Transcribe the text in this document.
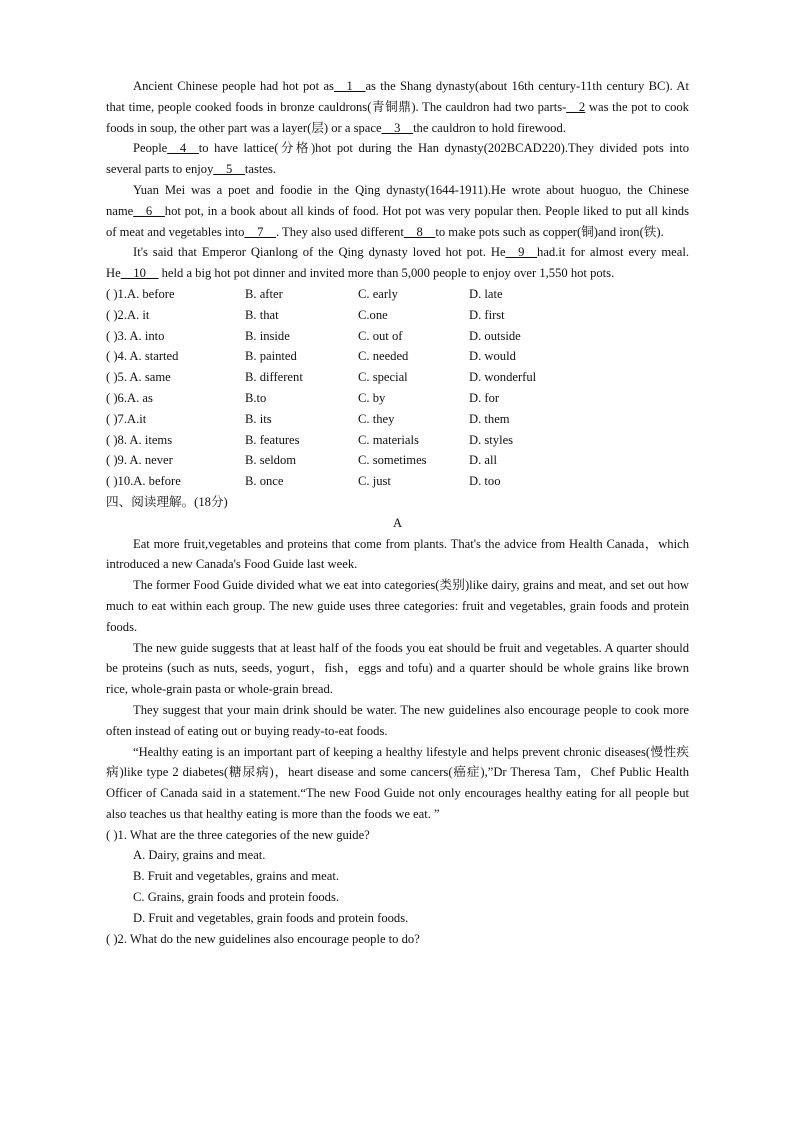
Ancient Chinese people had hot pot as__1__as the Shang dynasty(about 16th century-11th century BC). At that time, people cooked foods in bronze cauldrons(青铜鼎). The cauldron had two parts-__2 was the pot to cook foods in soup, the other part was a layer(层) or a space__3__the cauldron to hold firewood.

People__4__to have lattice(分格)hot pot during the Han dynasty(202BCAD220).They divided pots into several parts to enjoy__5__tastes.

Yuan Mei was a poet and foodie in the Qing dynasty(1644-1911).He wrote about huoguo, the Chinese name__6__hot pot, in a book about all kinds of food. Hot pot was very popular then. People liked to put all kinds of meat and vegetables into__7__. They also used different__8__to make pots such as copper(铜)and iron(铁).

It's said that Emperor Qianlong of the Qing dynasty loved hot pot. He__9__had.it for almost every meal. He__10__ held a big hot pot dinner and invited more than 5,000 people to enjoy over 1,550 hot pots.

( )1.A. before	B. after	C. early	D. late
( )2.A. it	B. that	C.one	D. first
( )3. A. into	B. inside	C. out of	D. outside
( )4. A. started	B. painted	C. needed	D. would
( )5. A. same	B. different	C. special	D. wonderful
( )6.A. as	B.to	C. by	D. for
( )7.A.it	B. its	C. they	D. them
( )8. A. items	B. features	C. materials	D. styles
( )9. A. never	B. seldom	C. sometimes	D. all
( )10.A. before	B. once	C. just	D. too

四、阅读理解。(18分)

A

Eat more fruit,vegetables and proteins that come from plants. That's the advice from Health Canada，which introduced a new Canada's Food Guide last week.

The former Food Guide divided what we eat into categories(类别)like dairy, grains and meat, and set out how much to eat within each group. The new guide uses three categories: fruit and vegetables, grain foods and protein foods.

The new guide suggests that at least half of the foods you eat should be fruit and vegetables. A quarter should be proteins (such as nuts, seeds, yogurt，fish，eggs and tofu) and a quarter should be whole grains like brown rice, whole-grain pasta or whole-grain bread.

They suggest that your main drink should be water. The new guidelines also encourage people to cook more often instead of eating out or buying ready-to-eat foods.

“Healthy eating is an important part of keeping a healthy lifestyle and helps prevent chronic diseases(慢性疾病)like type 2 diabetes(糖尿病)，heart disease and some cancers(癌症),”Dr Theresa Tam，Chef Public Health Officer of Canada said in a statement.“The new Food Guide not only encourages healthy eating for all people but also teaches us that healthy eating is more than the foods we eat. ”

( )1. What are the three categories of the new guide?

A. Dairy, grains and meat.

B. Fruit and vegetables, grains and meat.

C. Grains, grain foods and protein foods.

D. Fruit and vegetables, grain foods and protein foods.

( )2. What do the new guidelines also encourage people to do?
